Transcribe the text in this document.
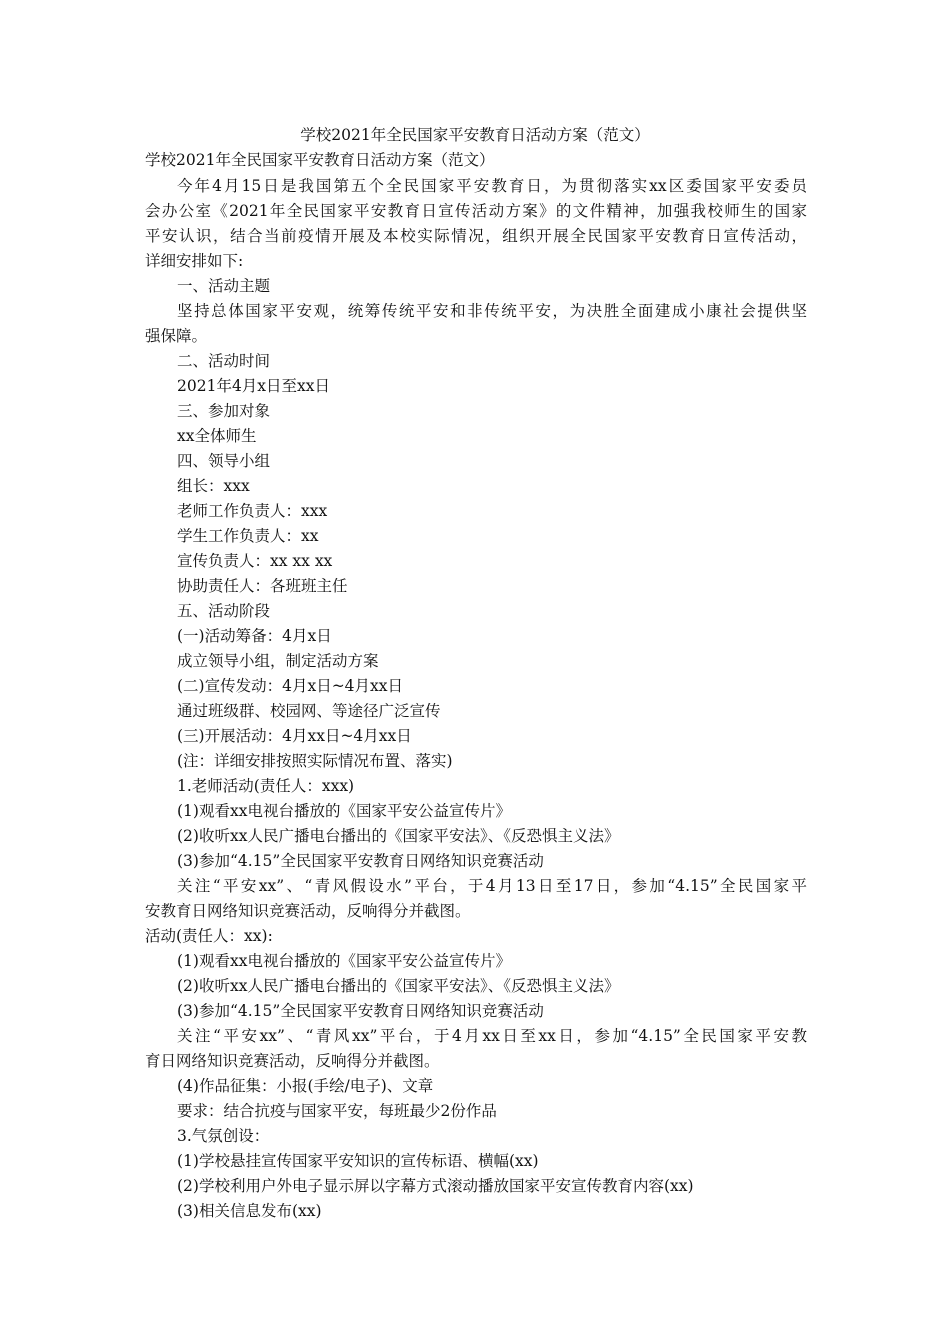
学校2021年全民国家平安教育日活动方案（范文）
学校2021年全民国家平安教育日活动方案（范文）
今年4月15日是我国第五个全民国家平安教育日，为贯彻落实xx区委国家平安委员
会办公室《2021年全民国家平安教育日宣传活动方案》的文件精神，加强我校师生的国家
平安认识，结合当前疫情开展及本校实际情况，组织开展全民国家平安教育日宣传活动，
详细安排如下:
一、活动主题
坚持总体国家平安观，统筹传统平安和非传统平安，为决胜全面建成小康社会提供坚
强保障。
二、活动时间
2021年4月x日至xx日
三、参加对象
xx全体师生
四、领导小组
组长：xxx
老师工作负责人：xxx
学生工作负责人：xx
宣传负责人：xx xx xx
协助责任人：各班班主任
五、活动阶段
(一)活动筹备：4月x日
成立领导小组，制定活动方案
(二)宣传发动：4月x日~4月xx日
通过班级群、校园网、等途径广泛宣传
(三)开展活动：4月xx日~4月xx日
(注：详细安排按照实际情况布置、落实)
1.老师活动(责任人：xxx)
(1)观看xx电视台播放的《国家平安公益宣传片》
(2)收听xx人民广播电台播出的《国家平安法》、《反恐惧主义法》
(3)参加“4.15”全民国家平安教育日网络知识竞赛活动
关注“平安xx”、“青风假设水”平台，于4月13日至17日，参加“4.15”全民国家平
安教育日网络知识竞赛活动，反响得分并截图。
活动(责任人：xx):
(1)观看xx电视台播放的《国家平安公益宣传片》
(2)收听xx人民广播电台播出的《国家平安法》、《反恐惧主义法》
(3)参加“4.15”全民国家平安教育日网络知识竞赛活动
关注“平安xx”、“青风xx”平台，于4月xx日至xx日，参加“4.15”全民国家平安教
育日网络知识竞赛活动，反响得分并截图。
(4)作品征集：小报(手绘/电子)、文章
要求：结合抗疫与国家平安，每班最少2份作品
3.气氛创设：
(1)学校悬挂宣传国家平安知识的宣传标语、横幅(xx)
(2)学校利用户外电子显示屏以字幕方式滚动播放国家平安宣传教育内容(xx)
(3)相关信息发布(xx)
